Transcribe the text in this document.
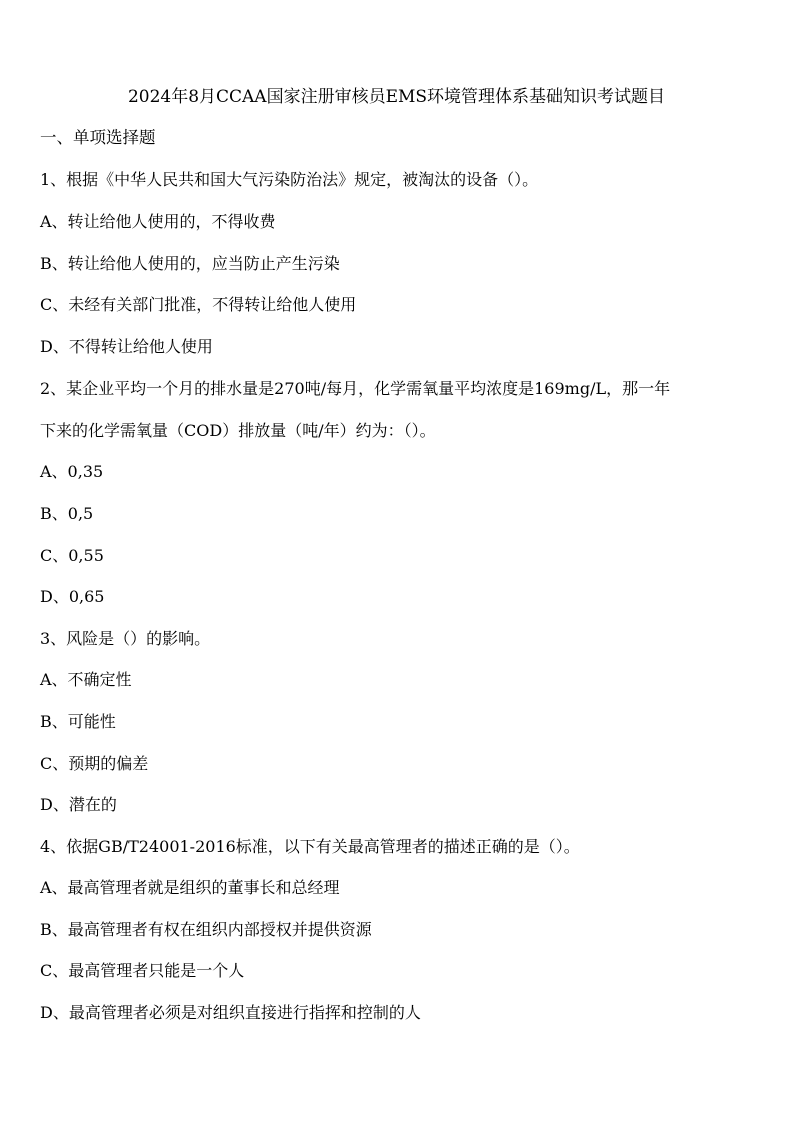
2024年8月CCAA国家注册审核员EMS环境管理体系基础知识考试题目
一、单项选择题
1、根据《中华人民共和国大气污染防治法》规定，被淘汰的设备（）。
A、转让给他人使用的，不得收费
B、转让给他人使用的，应当防止产生污染
C、未经有关部门批准，不得转让给他人使用
D、不得转让给他人使用
2、某企业平均一个月的排水量是270吨/每月，化学需氧量平均浓度是169mg/L，那一年
下来的化学需氧量（COD）排放量（吨/年）约为：（）。
A、0,35
B、0,5
C、0,55
D、0,65
3、风险是（）的影响。
A、不确定性
B、可能性
C、预期的偏差
D、潜在的
4、依据GB/T24001-2016标准，以下有关最高管理者的描述正确的是（）。
A、最高管理者就是组织的董事长和总经理
B、最高管理者有权在组织内部授权并提供资源
C、最高管理者只能是一个人
D、最高管理者必须是对组织直接进行指挥和控制的人
